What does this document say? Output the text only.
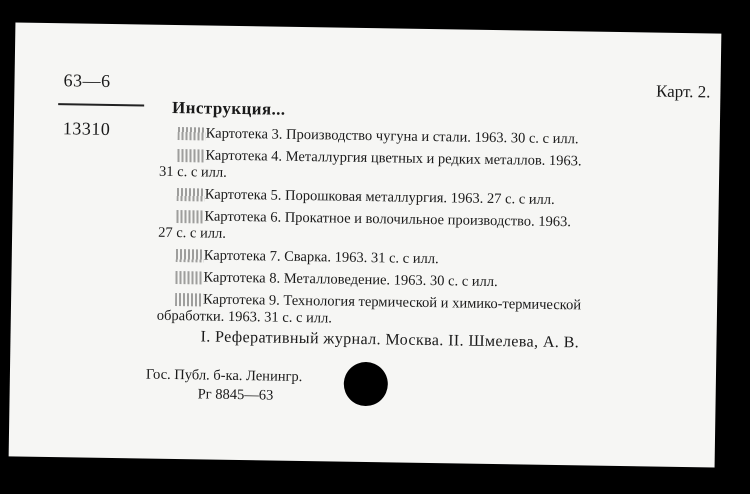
63—6
13310
Карт. 2.
Инструкция...
Картотека 3. Производство чугуна и стали. 1963. 30 с. с илл.
Картотека 4. Металлургия цветных и редких металлов. 1963.
31 с. с илл.
Картотека 5. Порошковая металлургия. 1963. 27 с. с илл.
Картотека 6. Прокатное и волочильное производство. 1963.
27 с. с илл.
Картотека 7. Сварка. 1963. 31 с. с илл.
Картотека 8. Металловедение. 1963. 30 с. с илл.
Картотека 9. Технология термической и химико-термической
обработки. 1963. 31 с. с илл.
I. Реферативный журнал. Москва. II. Шмелева, А. В.
Гос. Публ. б-ка. Ленингр.
Рг 8845—63
